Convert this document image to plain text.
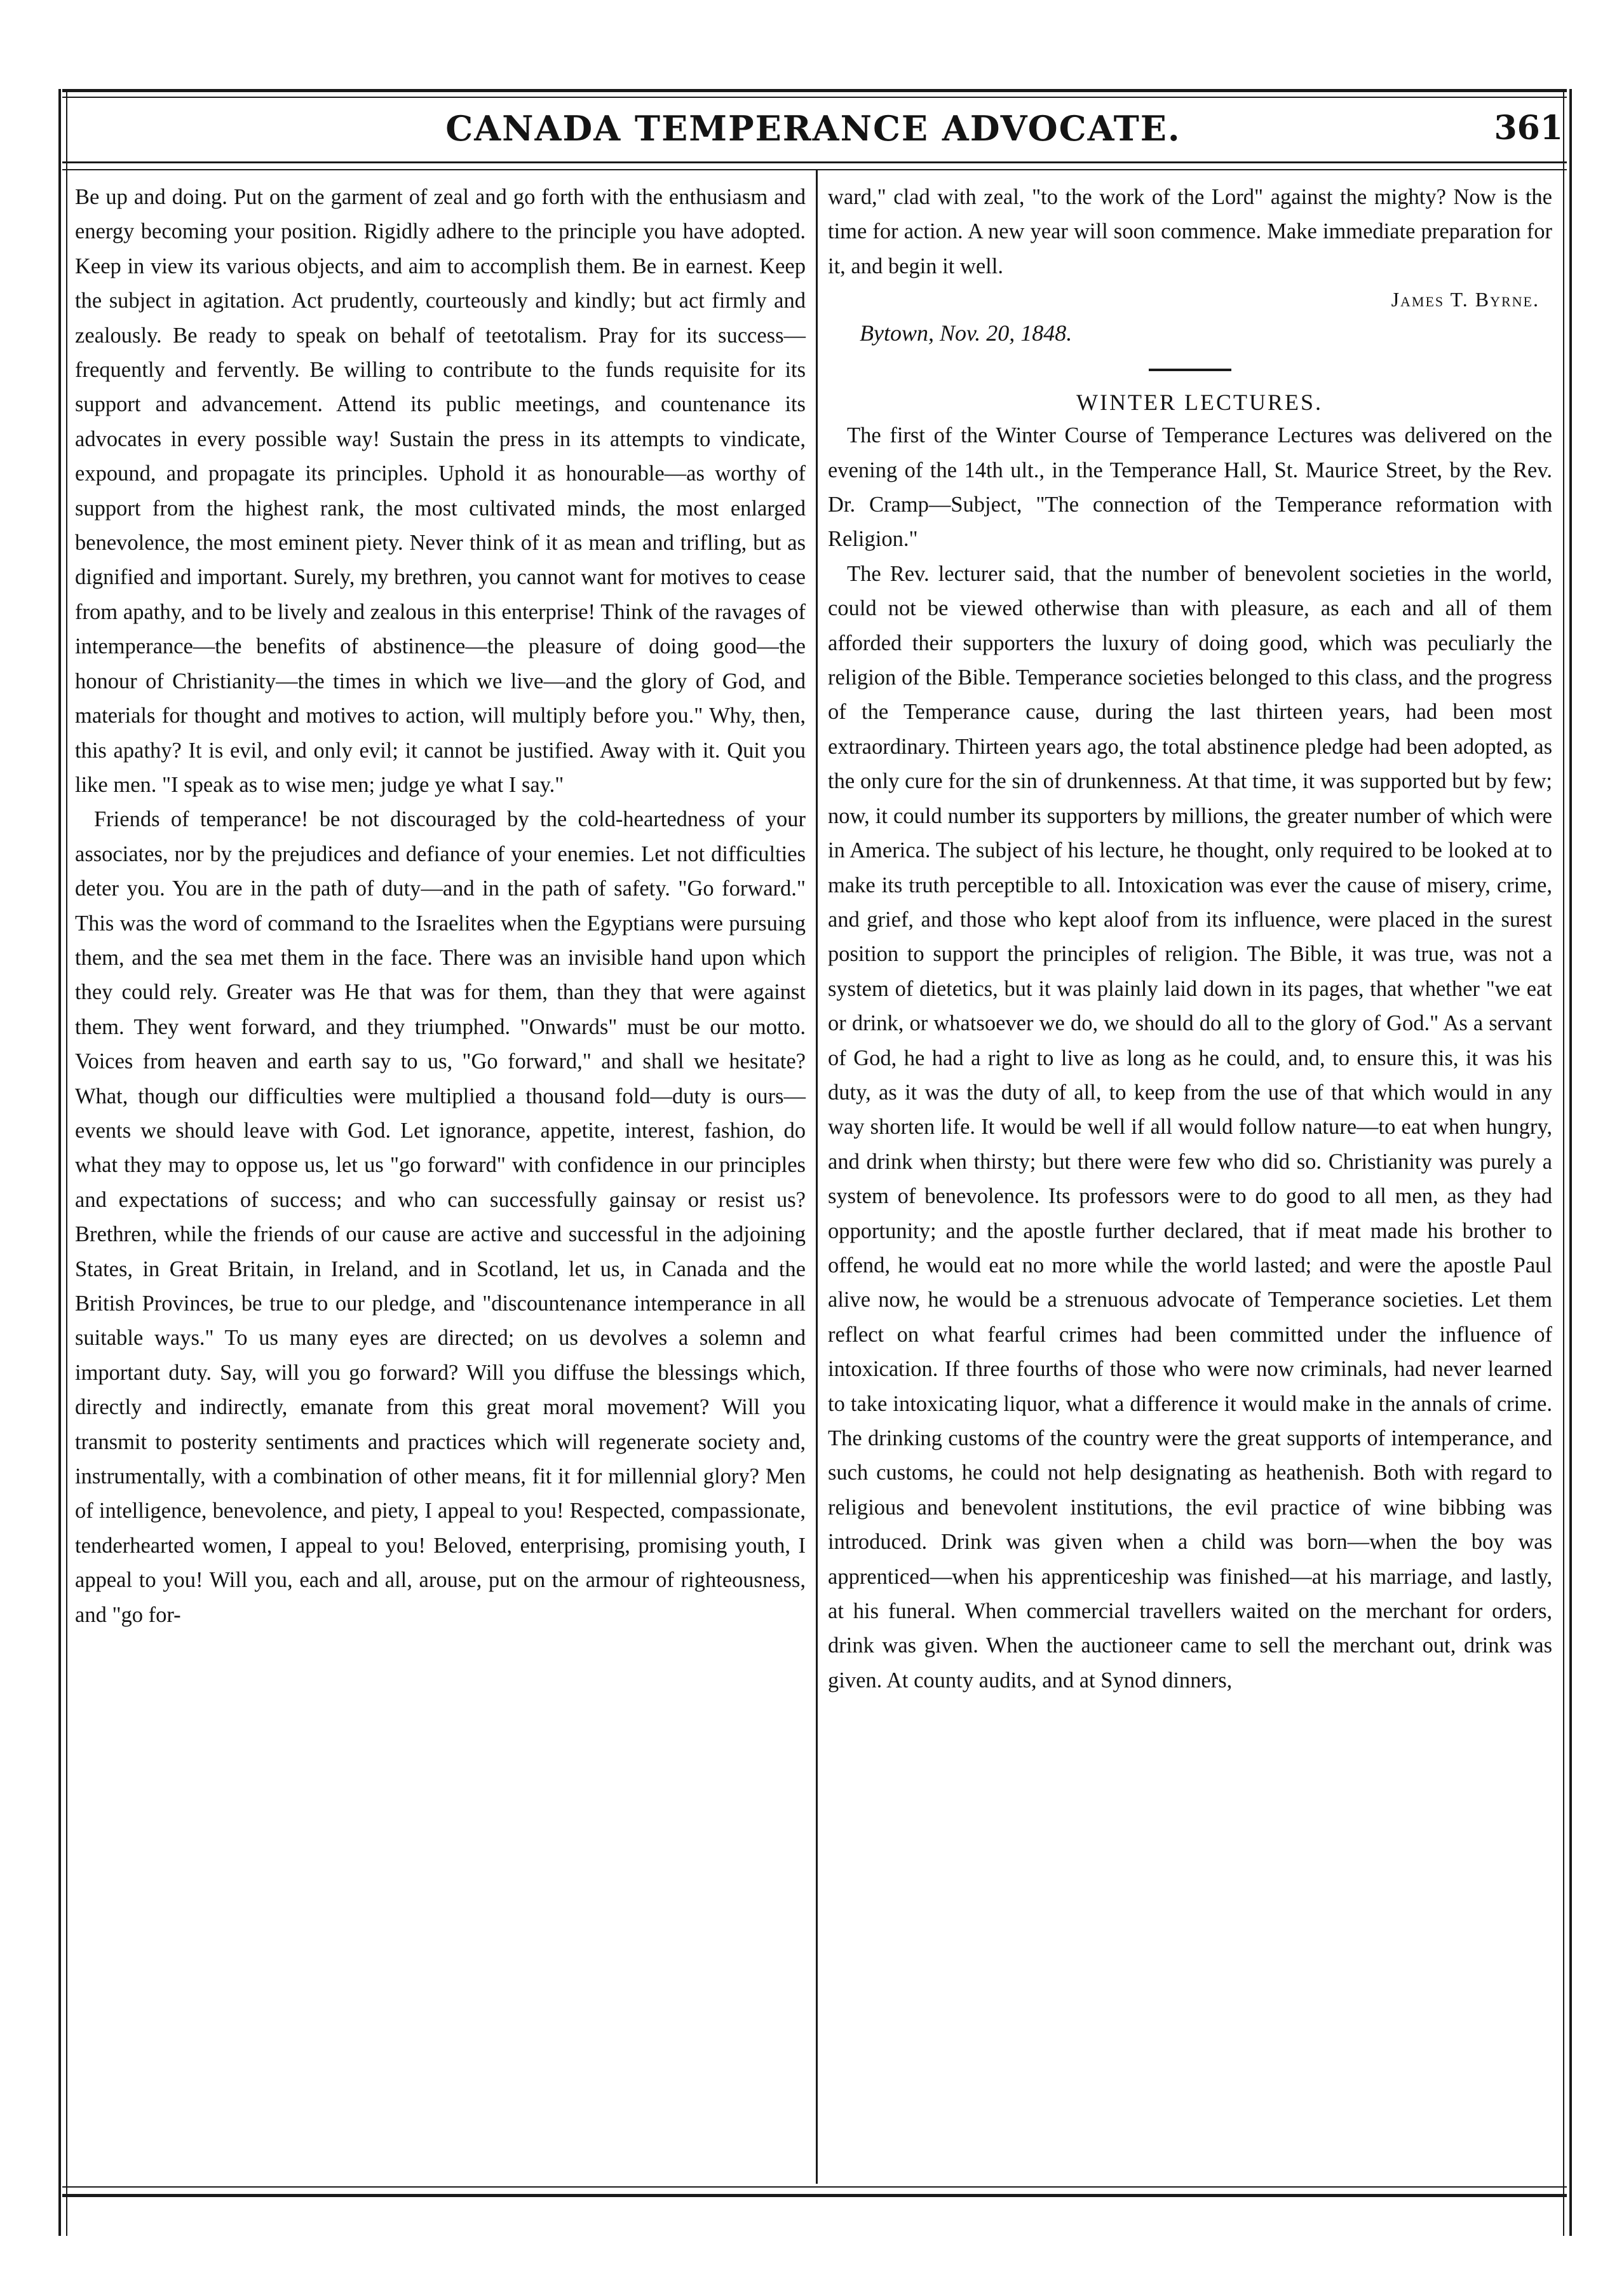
CANADA TEMPERANCE ADVOCATE.	361

Be up and doing. Put on the garment of zeal and go forth with the enthusiasm and energy becoming your position. Rigidly adhere to the principle you have adopted. Keep in view its various objects, and aim to accomplish them. Be in earnest. Keep the subject in agitation. Act prudently, courteously and kindly; but act firmly and zealously. Be ready to speak on behalf of teetotalism. Pray for its success—frequently and fervently. Be willing to contribute to the funds requisite for its support and advancement. Attend its public meetings, and countenance its advocates in every possible way! Sustain the press in its attempts to vindicate, expound, and propagate its principles. Uphold it as honourable—as worthy of support from the highest rank, the most cultivated minds, the most enlarged benevolence, the most eminent piety. Never think of it as mean and trifling, but as dignified and important. Surely, my brethren, you cannot want for motives to cease from apathy, and to be lively and zealous in this enterprise! Think of the ravages of intemperance—the benefits of abstinence—the pleasure of doing good—the honour of Christianity—the times in which we live—and the glory of God, and materials for thought and motives to action, will multiply before you." Why, then, this apathy? It is evil, and only evil; it cannot be justified. Away with it. Quit you like men. "I speak as to wise men; judge ye what I say."

Friends of temperance! be not discouraged by the cold-heartedness of your associates, nor by the prejudices and defiance of your enemies. Let not difficulties deter you. You are in the path of duty—and in the path of safety. "Go forward." This was the word of command to the Israelites when the Egyptians were pursuing them, and the sea met them in the face. There was an invisible hand upon which they could rely. Greater was He that was for them, than they that were against them. They went forward, and they triumphed. "Onwards" must be our motto. Voices from heaven and earth say to us, "Go forward," and shall we hesitate? What, though our difficulties were multiplied a thousand fold—duty is ours—events we should leave with God. Let ignorance, appetite, interest, fashion, do what they may to oppose us, let us "go forward" with confidence in our principles and expectations of success; and who can successfully gainsay or resist us? Brethren, while the friends of our cause are active and successful in the adjoining States, in Great Britain, in Ireland, and in Scotland, let us, in Canada and the British Provinces, be true to our pledge, and "discountenance intemperance in all suitable ways." To us many eyes are directed; on us devolves a solemn and important duty. Say, will you go forward? Will you diffuse the blessings which, directly and indirectly, emanate from this great moral movement? Will you transmit to posterity sentiments and practices which will regenerate society and, instrumentally, with a combination of other means, fit it for millennial glory? Men of intelligence, benevolence, and piety, I appeal to you! Respected, compassionate, tenderhearted women, I appeal to you! Beloved, enterprising, promising youth, I appeal to you! Will you, each and all, arouse, put on the armour of righteousness, and "go for-

ward," clad with zeal, "to the work of the Lord" against the mighty? Now is the time for action. A new year will soon commence. Make immediate preparation for it, and begin it well.

James T. Byrne.

Bytown, Nov. 20, 1848.

WINTER LECTURES.

The first of the Winter Course of Temperance Lectures was delivered on the evening of the 14th ult., in the Temperance Hall, St. Maurice Street, by the Rev. Dr. Cramp—Subject, "The connection of the Temperance reformation with Religion."

The Rev. lecturer said, that the number of benevolent societies in the world, could not be viewed otherwise than with pleasure, as each and all of them afforded their supporters the luxury of doing good, which was peculiarly the religion of the Bible. Temperance societies belonged to this class, and the progress of the Temperance cause, during the last thirteen years, had been most extraordinary. Thirteen years ago, the total abstinence pledge had been adopted, as the only cure for the sin of drunkenness. At that time, it was supported but by few; now, it could number its supporters by millions, the greater number of which were in America. The subject of his lecture, he thought, only required to be looked at to make its truth perceptible to all. Intoxication was ever the cause of misery, crime, and grief, and those who kept aloof from its influence, were placed in the surest position to support the principles of religion. The Bible, it was true, was not a system of dietetics, but it was plainly laid down in its pages, that whether "we eat or drink, or whatsoever we do, we should do all to the glory of God." As a servant of God, he had a right to live as long as he could, and, to ensure this, it was his duty, as it was the duty of all, to keep from the use of that which would in any way shorten life. It would be well if all would follow nature—to eat when hungry, and drink when thirsty; but there were few who did so. Christianity was purely a system of benevolence. Its professors were to do good to all men, as they had opportunity; and the apostle further declared, that if meat made his brother to offend, he would eat no more while the world lasted; and were the apostle Paul alive now, he would be a strenuous advocate of Temperance societies. Let them reflect on what fearful crimes had been committed under the influence of intoxication. If three fourths of those who were now criminals, had never learned to take intoxicating liquor, what a difference it would make in the annals of crime. The drinking customs of the country were the great supports of intemperance, and such customs, he could not help designating as heathenish. Both with regard to religious and benevolent institutions, the evil practice of wine bibbing was introduced. Drink was given when a child was born—when the boy was apprenticed—when his apprenticeship was finished—at his marriage, and lastly, at his funeral. When commercial travellers waited on the merchant for orders, drink was given. When the auctioneer came to sell the merchant out, drink was given. At county audits, and at Synod dinners,
